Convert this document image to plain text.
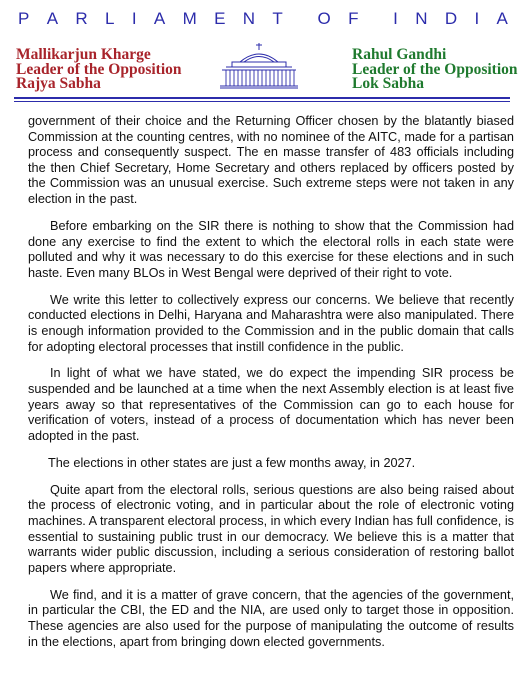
P A R L I A M E N T O F I N D I A
Mallikarjun Kharge
Leader of the Opposition
Rajya Sabha
Rahul Gandhi
Leader of the Opposition
Lok Sabha

government of their choice and the Returning Officer chosen by the blatantly biased Commission at the counting centres, with no nominee of the AITC, made for a partisan process and consequently suspect. The en masse transfer of 483 officials including the then Chief Secretary, Home Secretary and others replaced by officers posted by the Commission was an unusual exercise. Such extreme steps were not taken in any election in the past.

Before embarking on the SIR there is nothing to show that the Commission had done any exercise to find the extent to which the electoral rolls in each state were polluted and why it was necessary to do this exercise for these elections and in such haste. Even many BLOs in West Bengal were deprived of their right to vote.

We write this letter to collectively express our concerns. We believe that recently conducted elections in Delhi, Haryana and Maharashtra were also manipulated. There is enough information provided to the Commission and in the public domain that calls for adopting electoral processes that instill confidence in the public.

In light of what we have stated, we do expect the impending SIR process be suspended and be launched at a time when the next Assembly election is at least five years away so that representatives of the Commission can go to each house for verification of voters, instead of a process of documentation which has never been adopted in the past.

The elections in other states are just a few months away, in 2027.

Quite apart from the electoral rolls, serious questions are also being raised about the process of electronic voting, and in particular about the role of electronic voting machines. A transparent electoral process, in which every Indian has full confidence, is essential to sustaining public trust in our democracy. We believe this is a matter that warrants wider public discussion, including a serious consideration of restoring ballot papers where appropriate.

We find, and it is a matter of grave concern, that the agencies of the government, in particular the CBI, the ED and the NIA, are used only to target those in opposition. These agencies are also used for the purpose of manipulating the outcome of results in the elections, apart from bringing down elected governments.
